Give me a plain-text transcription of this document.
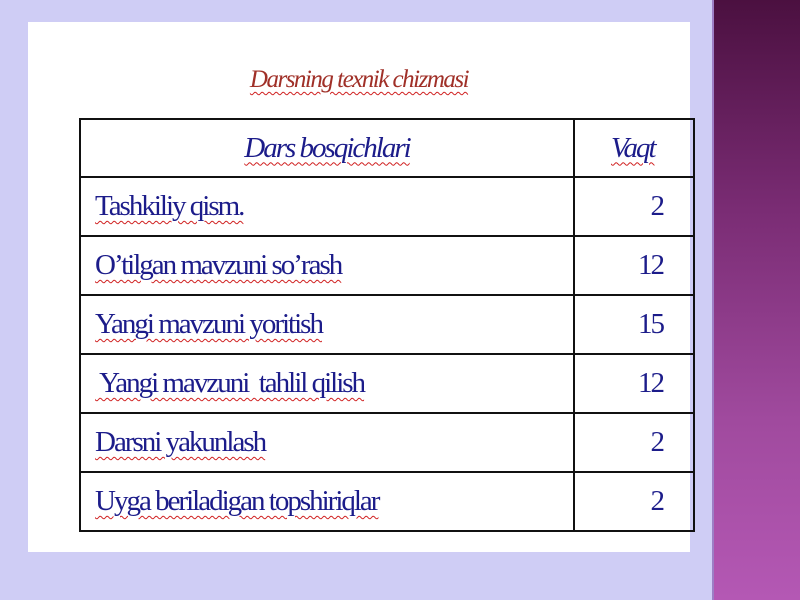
Darsning texnik chizmasi
Dars bosqichlari	Vaqt
Tashkiliy qism.	2
O’tilgan mavzuni so’rash	12
Yangi mavzuni yoritish	15
Yangi mavzuni  tahlil qilish	12
Darsni yakunlash	2
Uyga beriladigan topshiriqlar	2
